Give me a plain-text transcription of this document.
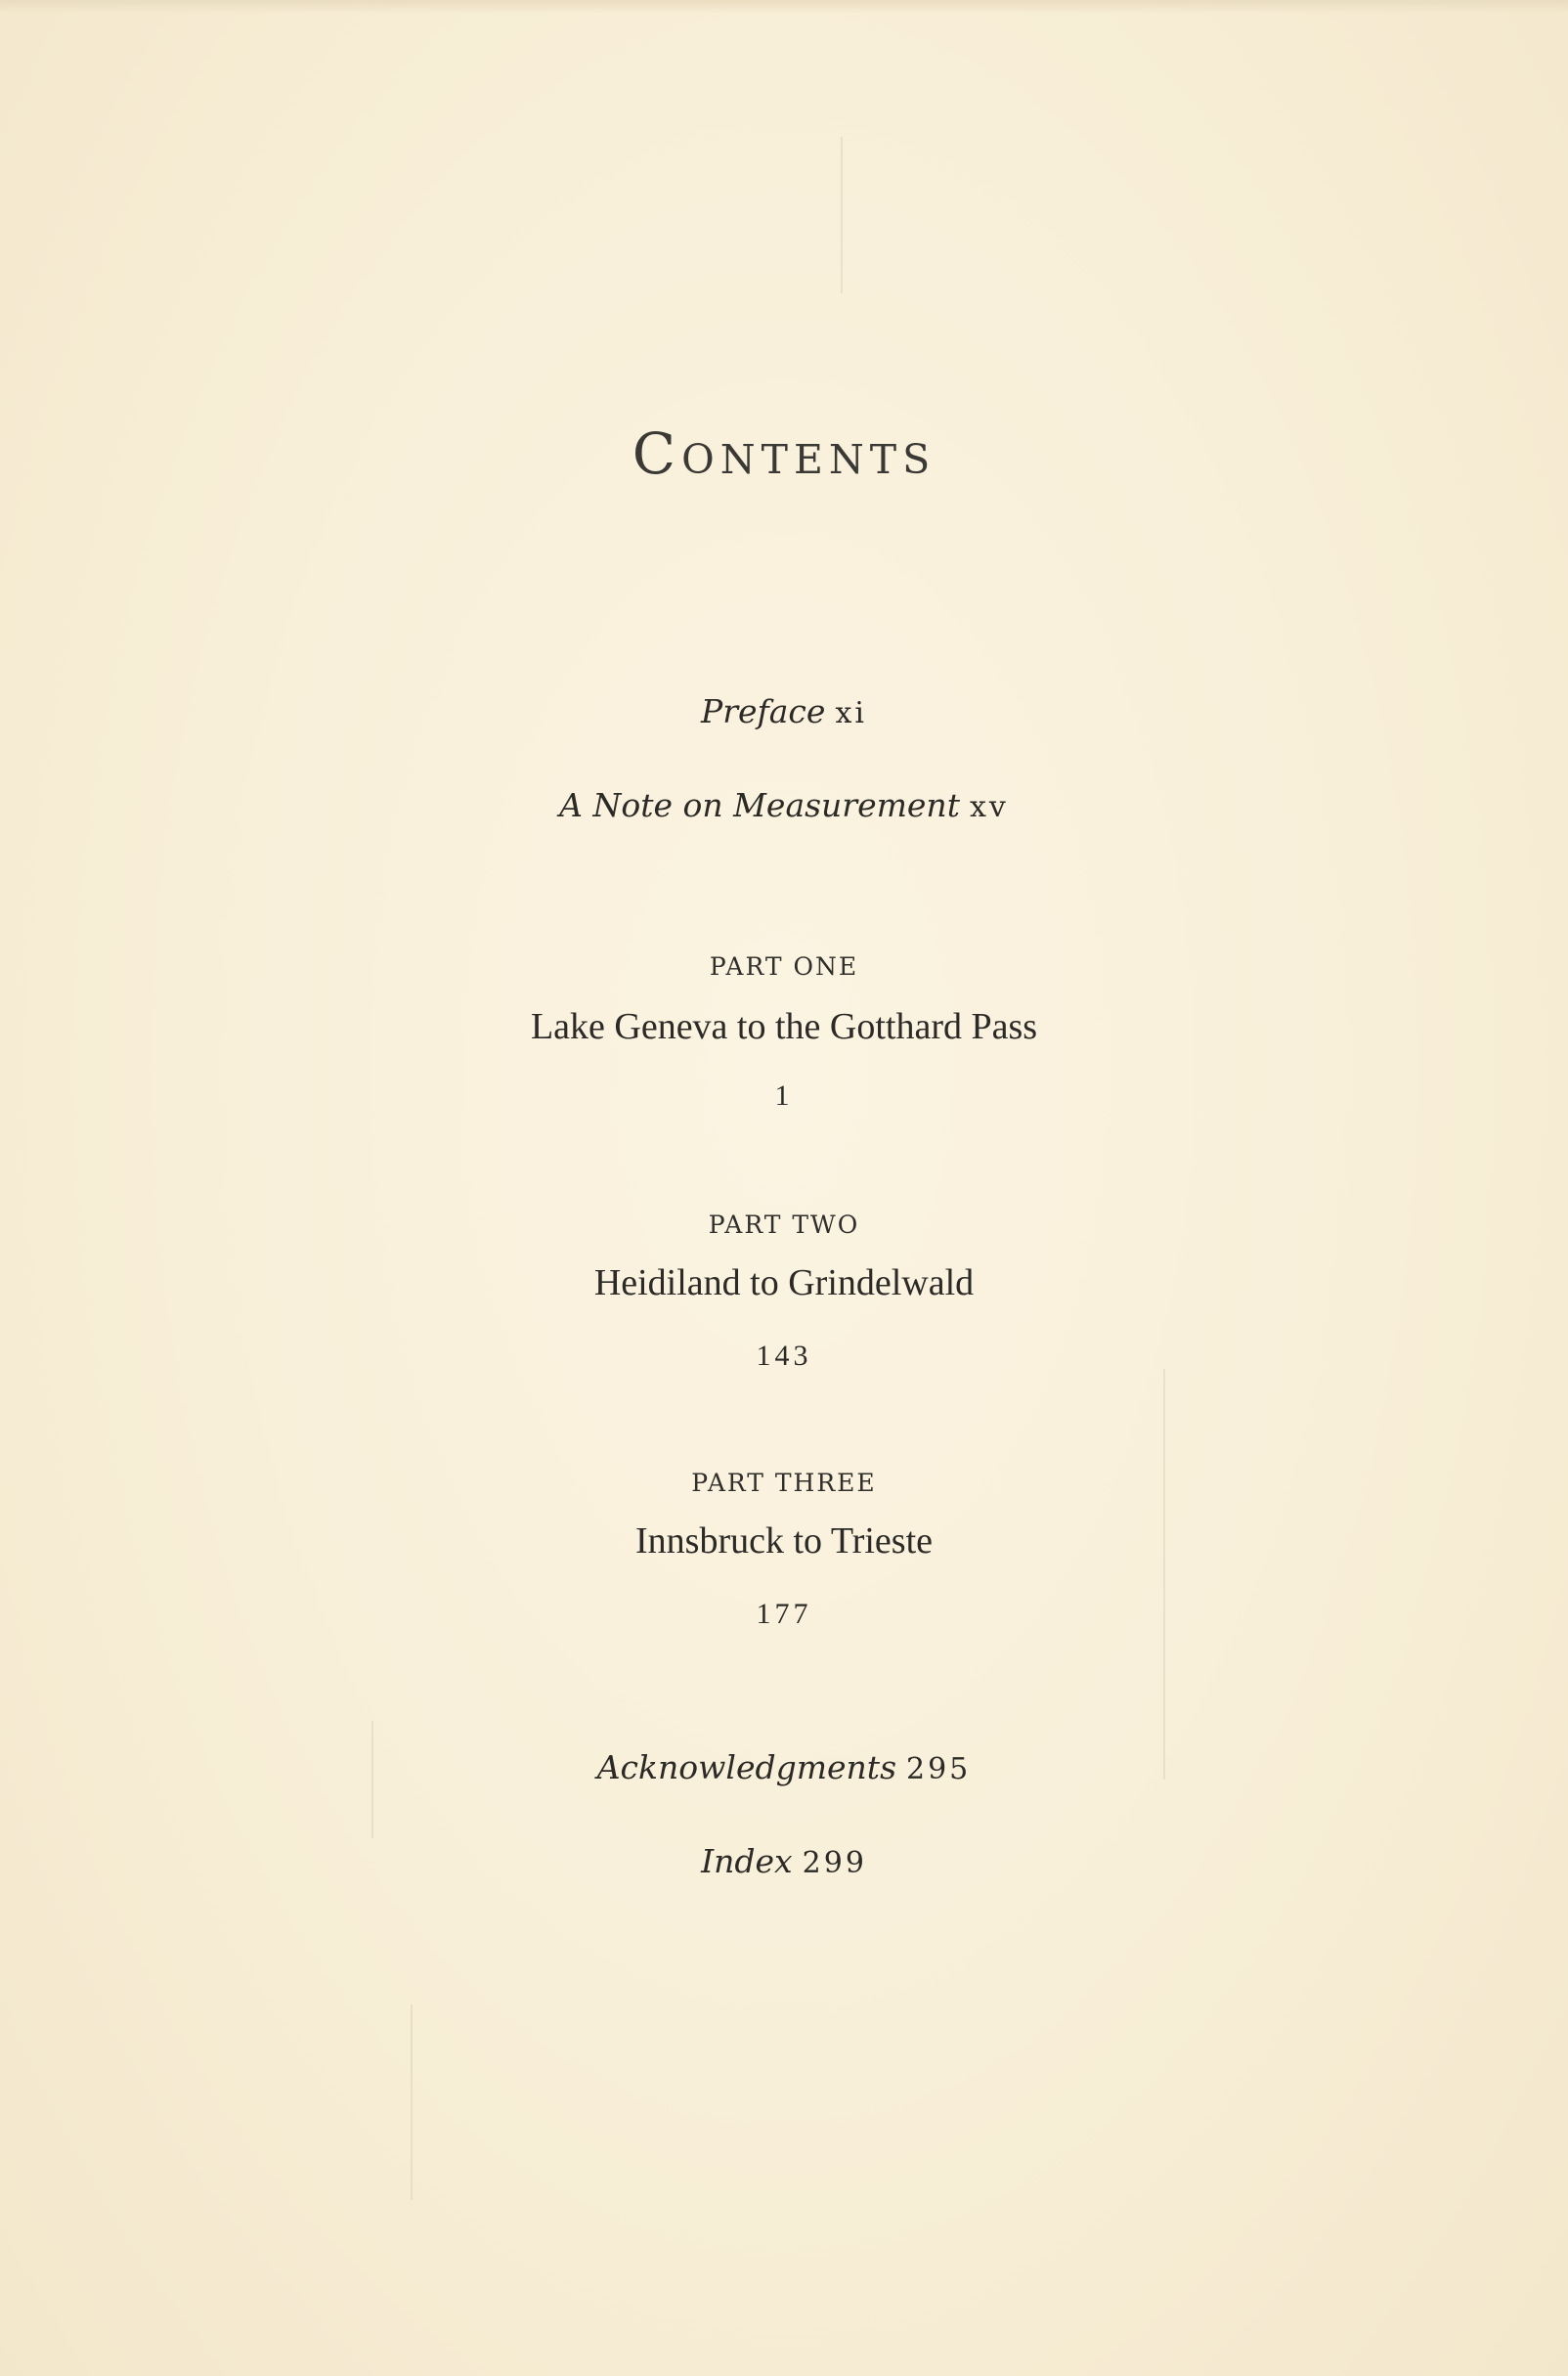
Contents
Preface xi
A Note on Measurement xv
PART ONE
Lake Geneva to the Gotthard Pass
1
PART TWO
Heidiland to Grindelwald
143
PART THREE
Innsbruck to Trieste
177
Acknowledgments 295
Index 299
